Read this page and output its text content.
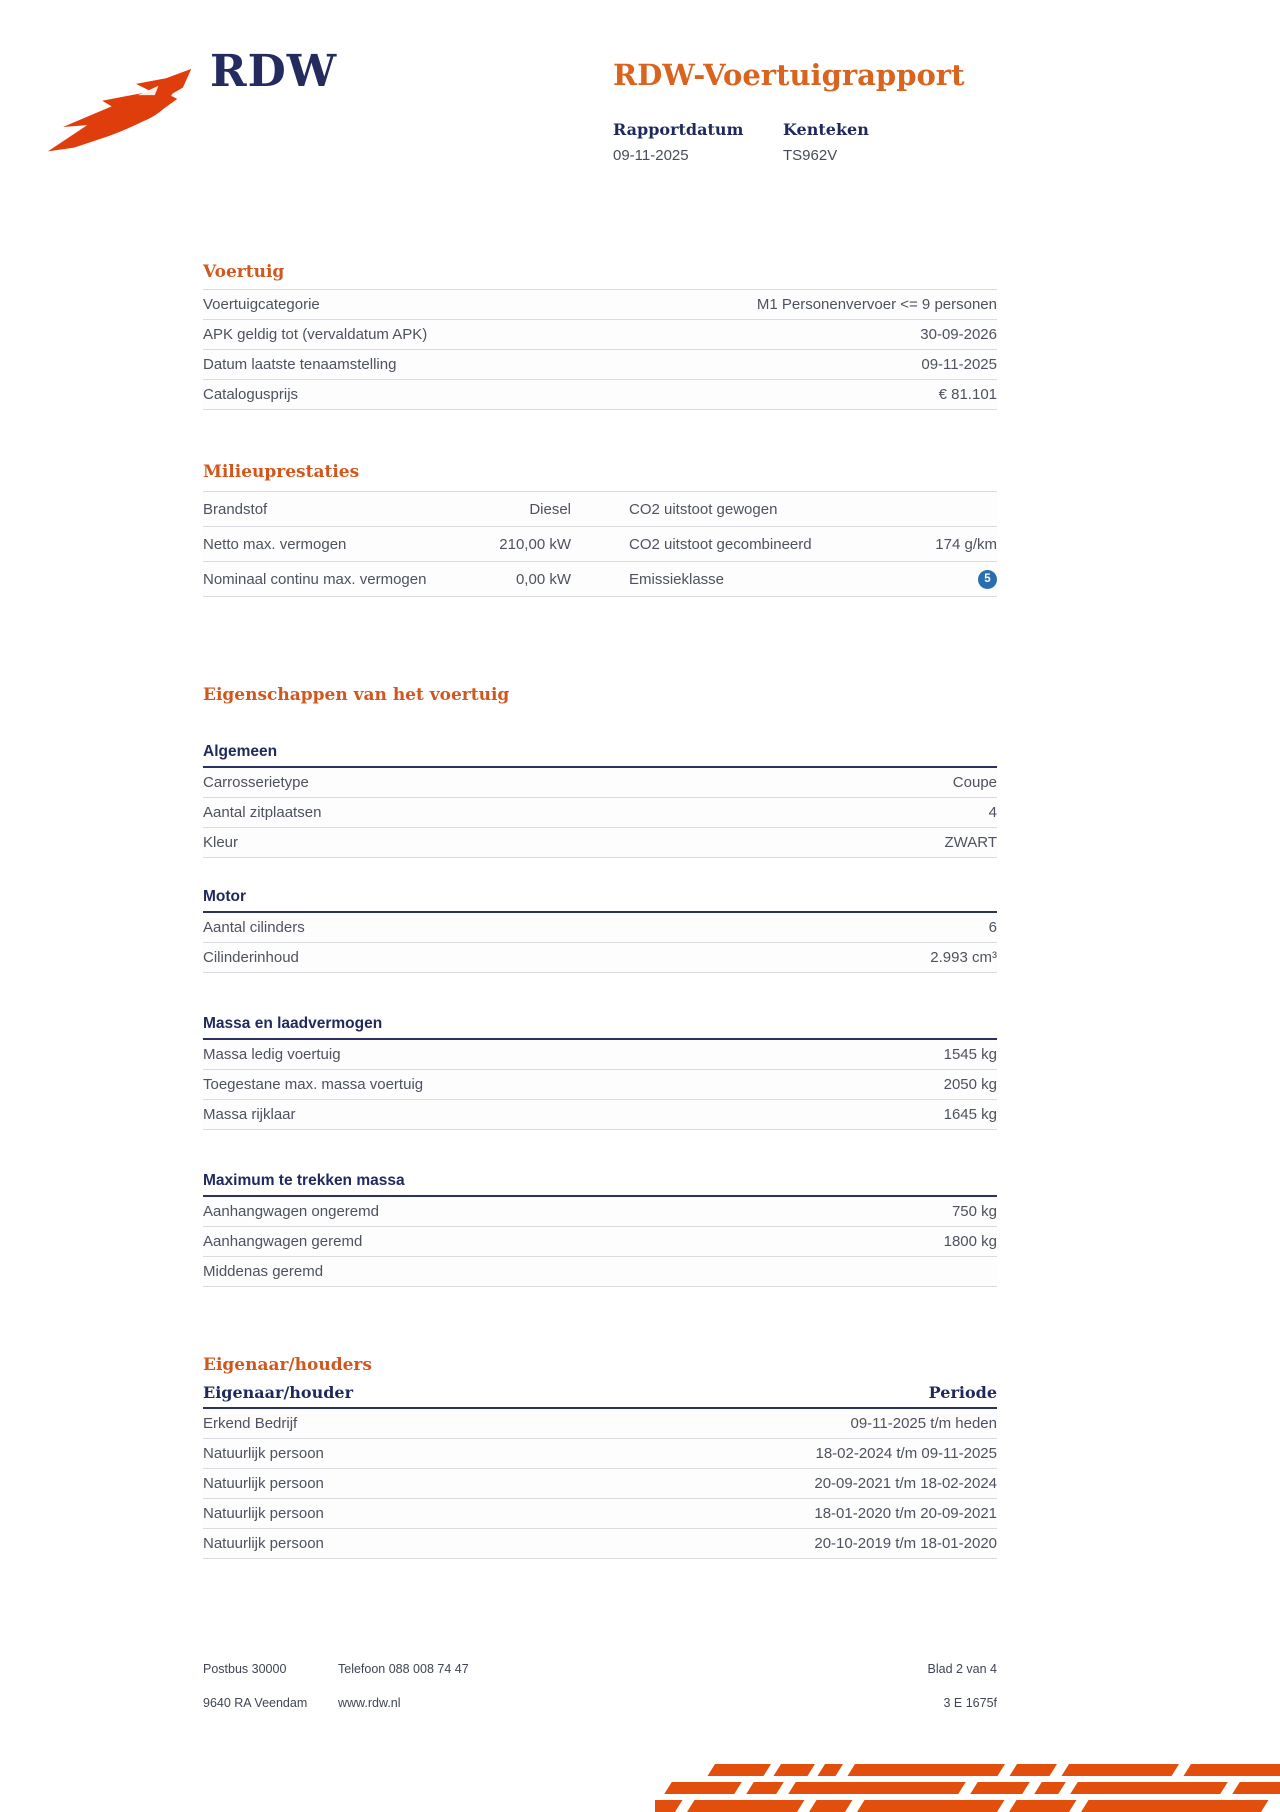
RDW	RDW-Voertuigrapport
Rapportdatum
09-11-2025
Kenteken
TS962V
Voertuig
Voertuigcategorie	M1 Personenvervoer <= 9 personen
APK geldig tot (vervaldatum APK)	30-09-2026
Datum laatste tenaamstelling	09-11-2025
Catalogusprijs	€ 81.101
Milieuprestaties
Brandstof	Diesel	CO2 uitstoot gewogen
Netto max. vermogen	210,00 kW	CO2 uitstoot gecombineerd	174 g/km
Nominaal continu max. vermogen	0,00 kW	Emissieklasse	5
Eigenschappen van het voertuig
Algemeen
Carrosserietype	Coupe
Aantal zitplaatsen	4
Kleur	ZWART
Motor
Aantal cilinders	6
Cilinderinhoud	2.993 cm³
Massa en laadvermogen
Massa ledig voertuig	1545 kg
Toegestane max. massa voertuig	2050 kg
Massa rijklaar	1645 kg
Maximum te trekken massa
Aanhangwagen ongeremd	750 kg
Aanhangwagen geremd	1800 kg
Middenas geremd
Eigenaar/houders
Eigenaar/houder	Periode
Erkend Bedrijf	09-11-2025 t/m heden
Natuurlijk persoon	18-02-2024 t/m 09-11-2025
Natuurlijk persoon	20-09-2021 t/m 18-02-2024
Natuurlijk persoon	18-01-2020 t/m 20-09-2021
Natuurlijk persoon	20-10-2019 t/m 18-01-2020
Postbus 30000	Telefoon 088 008 74 47	Blad 2 van 4
9640 RA Veendam	www.rdw.nl	3 E 1675f
